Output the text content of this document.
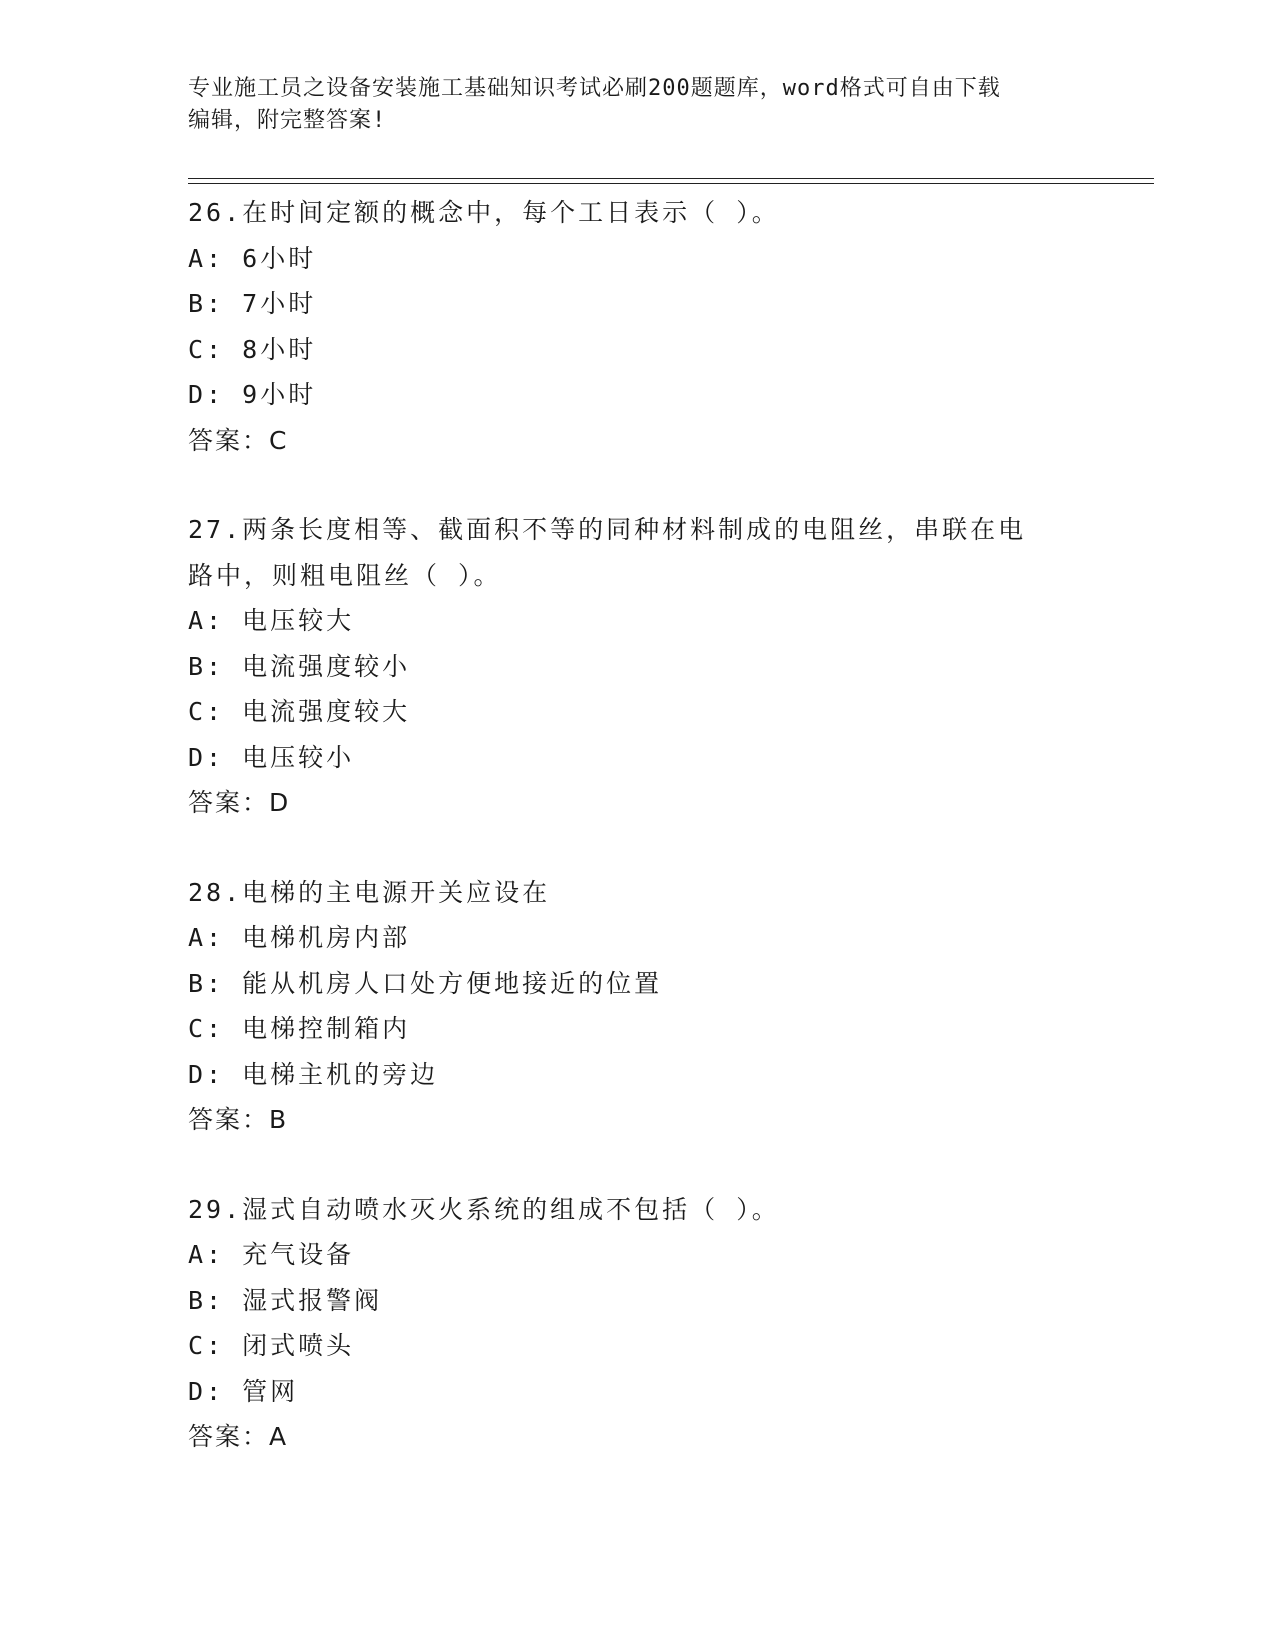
专业施工员之设备安装施工基础知识考试必刷200题题库，word格式可自由下载
编辑，附完整答案!
26.在时间定额的概念中，每个工日表示（ ）。
A: 6小时
B: 7小时
C: 8小时
D: 9小时
答案：C
27.两条长度相等、截面积不等的同种材料制成的电阻丝，串联在电路中，则粗电阻丝（ ）。
A: 电压较大
B: 电流强度较小
C: 电流强度较大
D: 电压较小
答案：D
28.电梯的主电源开关应设在
A: 电梯机房内部
B: 能从机房人口处方便地接近的位置
C: 电梯控制箱内
D: 电梯主机的旁边
答案：B
29.湿式自动喷水灭火系统的组成不包括（ ）。
A: 充气设备
B: 湿式报警阀
C: 闭式喷头
D: 管网
答案：A
